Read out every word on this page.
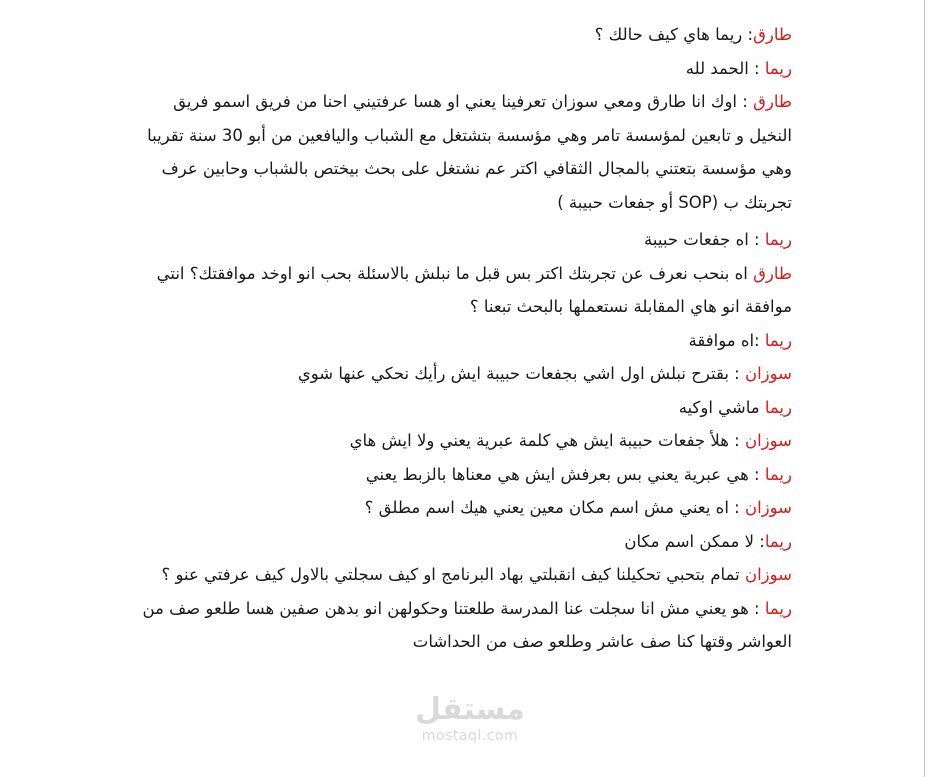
طارق: ريما هاي كيف حالك ؟

ريما : الحمد لله

طارق : اوك انا طارق ومعي سوزان تعرفينا يعني او هسا عرفتيني احنا من فريق اسمو فريق النخيل و تابعين لمؤسسة تامر وهي مؤسسة بتشتغل مع الشباب واليافعين من أبو 30 سنة تقريبا وهي مؤسسة بتعتني بالمجال الثقافي اكتر عم نشتغل على بحث بيختص بالشباب وحابين عرف تجربتك ب (SOP أو جفعات حبيبة )

ريما : اه جفعات حبيبة

طارق اه بنحب نعرف عن تجربتك اكتر بس قبل ما نبلش بالاسئلة بحب انو اوخد موافقتك؟ انتي موافقة انو هاي المقابلة نستعملها بالبحث تبعنا ؟

ريما :اه موافقة

سوزان : بقترح نبلش اول اشي بجفعات حبيبة ايش رأيك نحكي عنها شوي

ريما ماشي اوكيه

سوزان : هلأ جفعات حبيبة ايش هي كلمة عبرية يعني ولا ايش هاي

ريما : هي عبرية يعني بس بعرفش ايش هي معناها بالزبط يعني

سوزان : اه يعني مش اسم مكان معين يعني هيك اسم مطلق ؟

ريما: لا ممكن اسم مكان

سوزان تمام بتحبي تحكيلنا كيف انقبلتي بهاد البرنامج او كيف سجلتي بالاول كيف عرفتي عنو ؟

ريما : هو يعني مش انا سجلت عنا المدرسة طلعتنا وحكولهن انو بدهن صفين هسا طلعو صف من العواشر وقتها كنا صف عاشر وطلعو صف من الحداشات

مستقل
mostaql.com
